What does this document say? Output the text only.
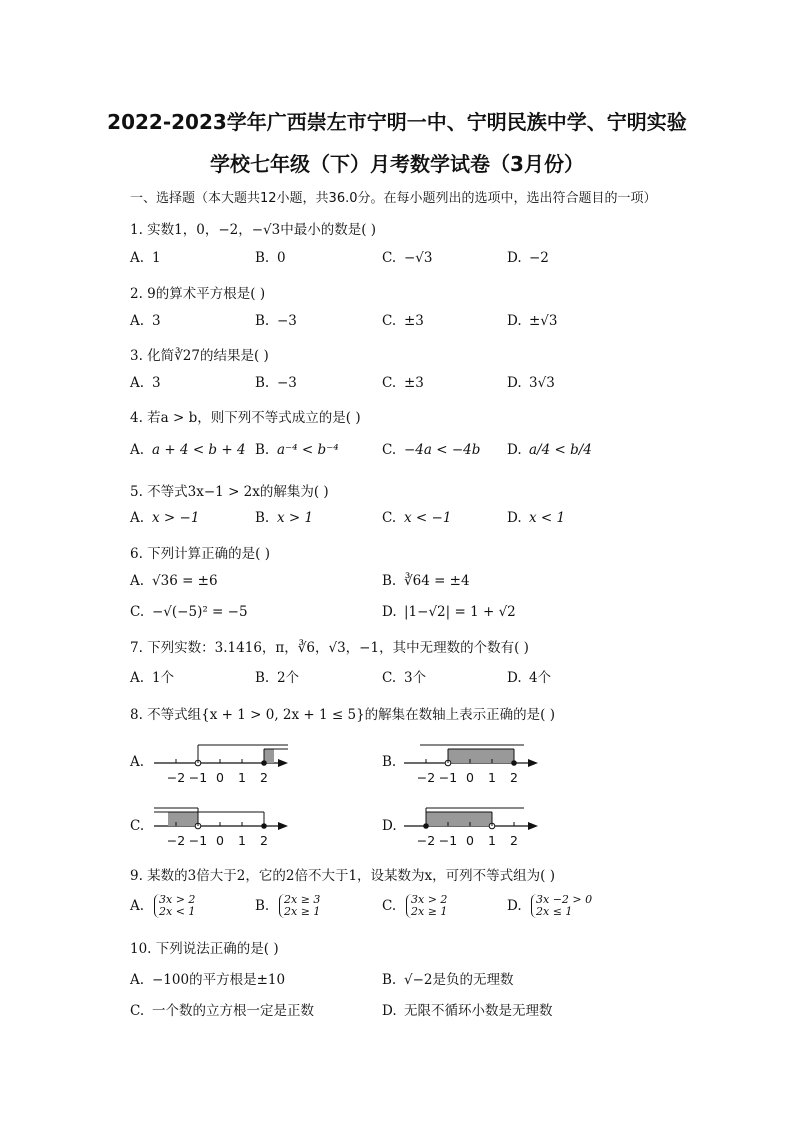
2022-2023学年广西崇左市宁明一中、宁明民族中学、宁明实验
学校七年级（下）月考数学试卷（3月份）
一、选择题（本大题共12小题，共36.0分。在每小题列出的选项中，选出符合题目的一项）
1. 实数1，0，−2，−√3中最小的数是( )
A. 1	B. 0	C. −√3	D. −2
2. 9的算术平方根是( )
A. 3	B. −3	C. ±3	D. ±√3
3. 化简∛27的结果是( )
A. 3	B. −3	C. ±3	D. 3√3
4. 若a > b，则下列不等式成立的是( )
A. a + 4 < b + 4 B. a⁻⁴ < b⁻⁴	C. −4a < −4b D. a/4 < b/4
5. 不等式3x−1 > 2x的解集为( )
A. x > −1	B. x > 1	C. x < −1	D. x < 1
6. 下列计算正确的是( )
A. √36 = ±6	B. ∛64 = ±4
C. −√(−5)² = −5	D. |1−√2| = 1 + √2
7. 下列实数：3.1416，π，∛6，√3，−1，其中无理数的个数有( )
A. 1个	B. 2个	C. 3个	D. 4个
8. 不等式组{x + 1 > 0, 2x + 1 ≤ 5}的解集在数轴上表示正确的是( )
A.
−2 −1 0 1 2
B.
−2 −1 0 1 2
C.
−2 −1 0 1 2
D.
−2 −1 0 1 2
9. 某数的3倍大于2，它的2倍不大于1，设某数为x，可列不等式组为( )
A. 3x > 2
2x < 1	B. 2x ≥ 3
2x ≥ 1	C. 3x > 2
2x ≥ 1	D. 3x −2 > 0
2x ≤ 1
10. 下列说法正确的是( )
A. −100的平方根是±10	B. √−2是负的无理数
C. 一个数的立方根一定是正数	D. 无限不循环小数是无理数
